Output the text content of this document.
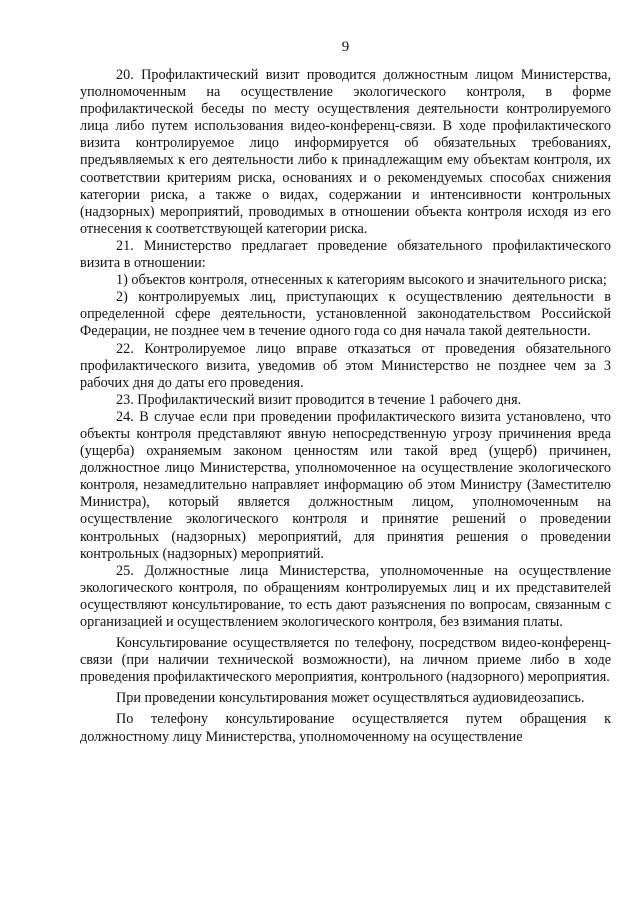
9

20. Профилактический визит проводится должностным лицом Министерства, уполномоченным на осуществление экологического контроля, в форме профилактической беседы по месту осуществления деятельности контролируемого лица либо путем использования видео-конференц-связи. В ходе профилактического визита контролируемое лицо информируется об обязательных требованиях, предъявляемых к его деятельности либо к принадлежащим ему объектам контроля, их соответствии критериям риска, основаниях и о рекомендуемых способах снижения категории риска, а также о видах, содержании и интенсивности контрольных (надзорных) мероприятий, проводимых в отношении объекта контроля исходя из его отнесения к соответствующей категории риска.

21. Министерство предлагает проведение обязательного профилактического визита в отношении:

1) объектов контроля, отнесенных к категориям высокого и значительного риска;

2) контролируемых лиц, приступающих к осуществлению деятельности в определенной сфере деятельности, установленной законодательством Российской Федерации, не позднее чем в течение одного года со дня начала такой деятельности.

22. Контролируемое лицо вправе отказаться от проведения обязательного профилактического визита, уведомив об этом Министерство не позднее чем за 3 рабочих дня до даты его проведения.

23. Профилактический визит проводится в течение 1 рабочего дня.

24. В случае если при проведении профилактического визита установлено, что объекты контроля представляют явную непосредственную угрозу причинения вреда (ущерба) охраняемым законом ценностям или такой вред (ущерб) причинен, должностное лицо Министерства, уполномоченное на осуществление экологического контроля, незамедлительно направляет информацию об этом Министру (Заместителю Министра), который является должностным лицом, уполномоченным на осуществление экологического контроля и принятие решений о проведении контрольных (надзорных) мероприятий, для принятия решения о проведении контрольных (надзорных) мероприятий.

25. Должностные лица Министерства, уполномоченные на осуществление экологического контроля, по обращениям контролируемых лиц и их представителей осуществляют консультирование, то есть дают разъяснения по вопросам, связанным с организацией и осуществлением экологического контроля, без взимания платы.

Консультирование осуществляется по телефону, посредством видео-конференц-связи (при наличии технической возможности), на личном приеме либо в ходе проведения профилактического мероприятия, контрольного (надзорного) мероприятия.

При проведении консультирования может осуществляться аудиовидеозапись.

По телефону консультирование осуществляется путем обращения к должностному лицу Министерства, уполномоченному на осуществление
